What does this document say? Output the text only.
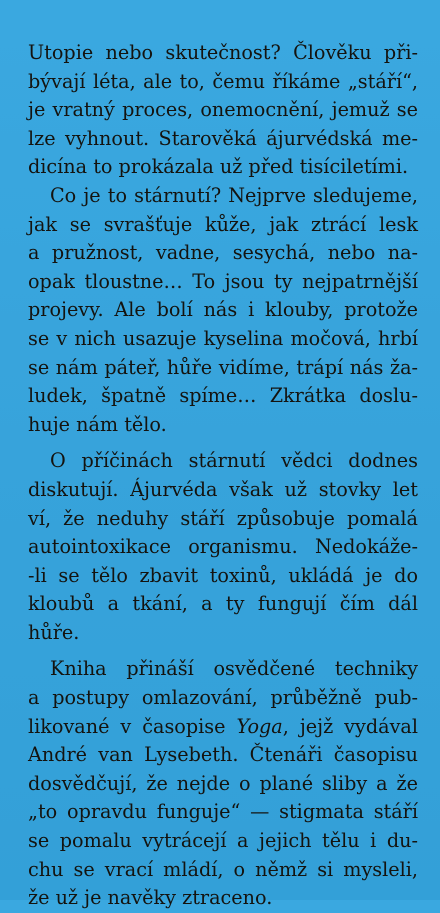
Utopie nebo skutečnost? Člověku při-
bývají léta, ale to, čemu říkáme „stáří“,
je vratný proces, onemocnění, jemuž se
lze vyhnout. Starověká ájurvédská me-
dicína to prokázala už před tisíciletími.

Co je to stárnutí? Nejprve sledujeme,
jak se svrašťuje kůže, jak ztrácí lesk
a pružnost, vadne, sesychá, nebo na-
opak tloustne… To jsou ty nejpatrnější
projevy. Ale bolí nás i klouby, protože
se v nich usazuje kyselina močová, hrbí
se nám páteř, hůře vidíme, trápí nás ža-
ludek, špatně spíme… Zkrátka doslu-
huje nám tělo.

O příčinách stárnutí vědci dodnes
diskutují. Ájurvéda však už stovky let
ví, že neduhy stáří způsobuje pomalá
autointoxikace organismu. Nedokáže-
-li se tělo zbavit toxinů, ukládá je do
kloubů a tkání, a ty fungují čím dál
hůře.

Kniha přináší osvědčené techniky
a postupy omlazování, průběžně pub-
likované v časopise Yoga, jejž vydával
André van Lysebeth. Čtenáři časopisu
dosvědčují, že nejde o plané sliby a že
„to opravdu funguje“ — stigmata stáří
se pomalu vytrácejí a jejich tělu i du-
chu se vrací mládí, o němž si mysleli,
že už je navěky ztraceno.
